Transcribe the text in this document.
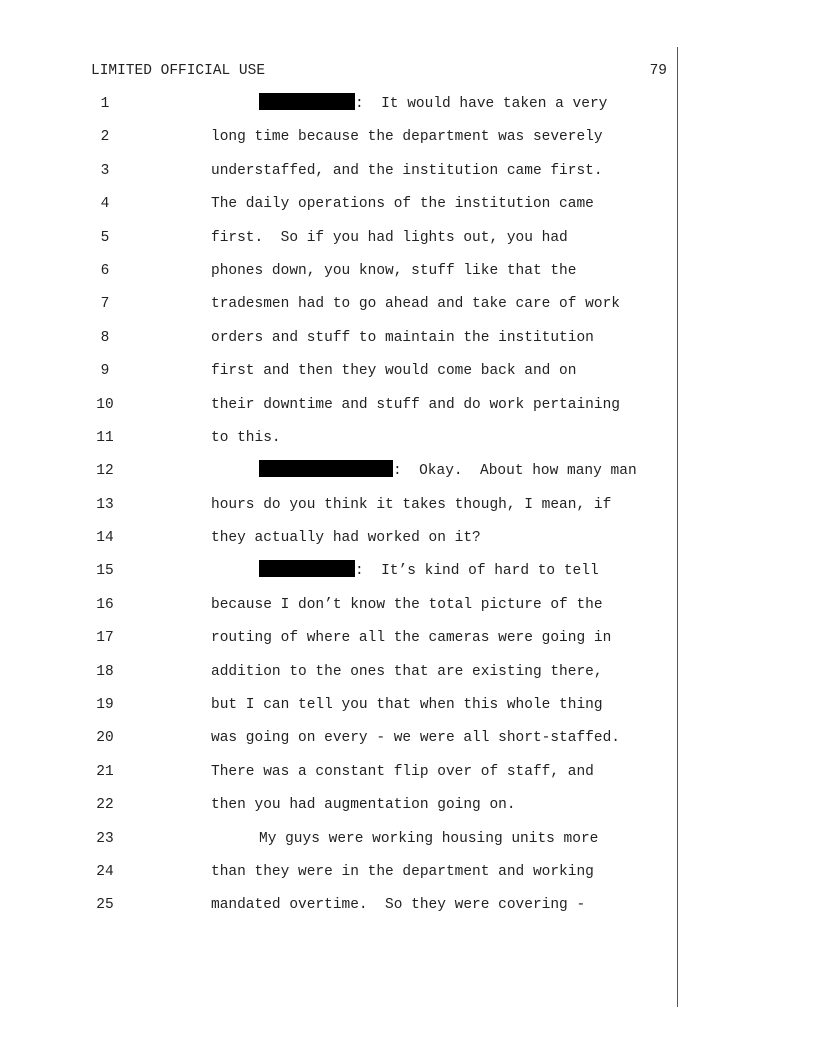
LIMITED OFFICIAL USE	79
1	:  It would have taken a very
2	long time because the department was severely
3	understaffed, and the institution came first.
4	The daily operations of the institution came
5	first.  So if you had lights out, you had
6	phones down, you know, stuff like that the
7	tradesmen had to go ahead and take care of work
8	orders and stuff to maintain the institution
9	first and then they would come back and on
10	their downtime and stuff and do work pertaining
11	to this.
12	:  Okay.  About how many man
13	hours do you think it takes though, I mean, if
14	they actually had worked on it?
15	:  It’s kind of hard to tell
16	because I don’t know the total picture of the
17	routing of where all the cameras were going in
18	addition to the ones that are existing there,
19	but I can tell you that when this whole thing
20	was going on every - we were all short-staffed.
21	There was a constant flip over of staff, and
22	then you had augmentation going on.
23	My guys were working housing units more
24	than they were in the department and working
25	mandated overtime.  So they were covering -
